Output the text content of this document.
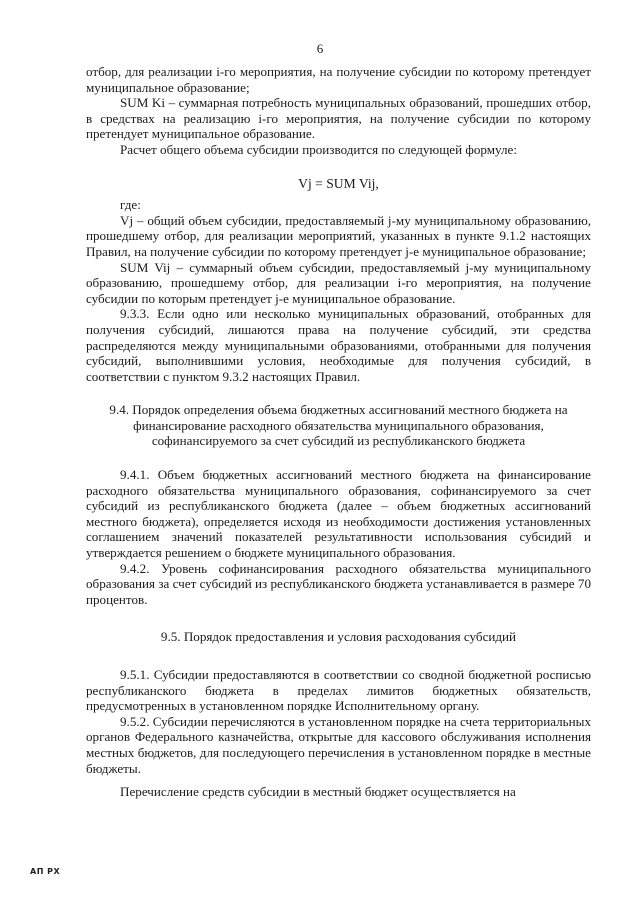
6

отбор, для реализации i-го мероприятия, на получение субсидии по которому претендует муниципальное образование;

SUM Ki – суммарная потребность муниципальных образований, прошедших отбор, в средствах на реализацию i-го мероприятия, на получение субсидии по которому претендует муниципальное образование.

Расчет общего объема субсидии производится по следующей формуле:

Vj = SUM Vij,

где:

Vj – общий объем субсидии, предоставляемый j-му муниципальному образованию, прошедшему отбор, для реализации мероприятий, указанных в пункте 9.1.2 настоящих Правил, на получение субсидии по которому претендует j-е муниципальное образование;

SUM Vij – суммарный объем субсидии, предоставляемый j-му муниципальному образованию, прошедшему отбор, для реализации i-го мероприятия, на получение субсидии по которым претендует j-е муниципальное образование.

9.3.3. Если одно или несколько муниципальных образований, отобранных для получения субсидий, лишаются права на получение субсидий, эти средства распределяются между муниципальными образованиями, отобранными для получения субсидий, выполнившими условия, необходимые для получения субсидий, в соответствии с пунктом 9.3.2 настоящих Правил.

9.4. Порядок определения объема бюджетных ассигнований местного бюджета на финансирование расходного обязательства муниципального образования, софинансируемого за счет субсидий из республиканского бюджета

9.4.1. Объем бюджетных ассигнований местного бюджета на финансирование расходного обязательства муниципального образования, софинансируемого за счет субсидий из республиканского бюджета (далее – объем бюджетных ассигнований местного бюджета), определяется исходя из необходимости достижения установленных соглашением значений показателей результативности использования субсидий и утверждается решением о бюджете муниципального образования.

9.4.2. Уровень софинансирования расходного обязательства муниципального образования за счет субсидий из республиканского бюджета устанавливается в размере 70 процентов.

9.5. Порядок предоставления и условия расходования субсидий

9.5.1. Субсидии предоставляются в соответствии со сводной бюджетной росписью республиканского бюджета в пределах лимитов бюджетных обязательств, предусмотренных в установленном порядке Исполнительному органу.

9.5.2. Субсидии перечисляются в установленном порядке на счета территориальных органов Федерального казначейства, открытые для кассового обслуживания исполнения местных бюджетов, для последующего перечисления в установленном порядке в местные бюджеты.

Перечисление средств субсидии в местный бюджет осуществляется на

АП РХ
